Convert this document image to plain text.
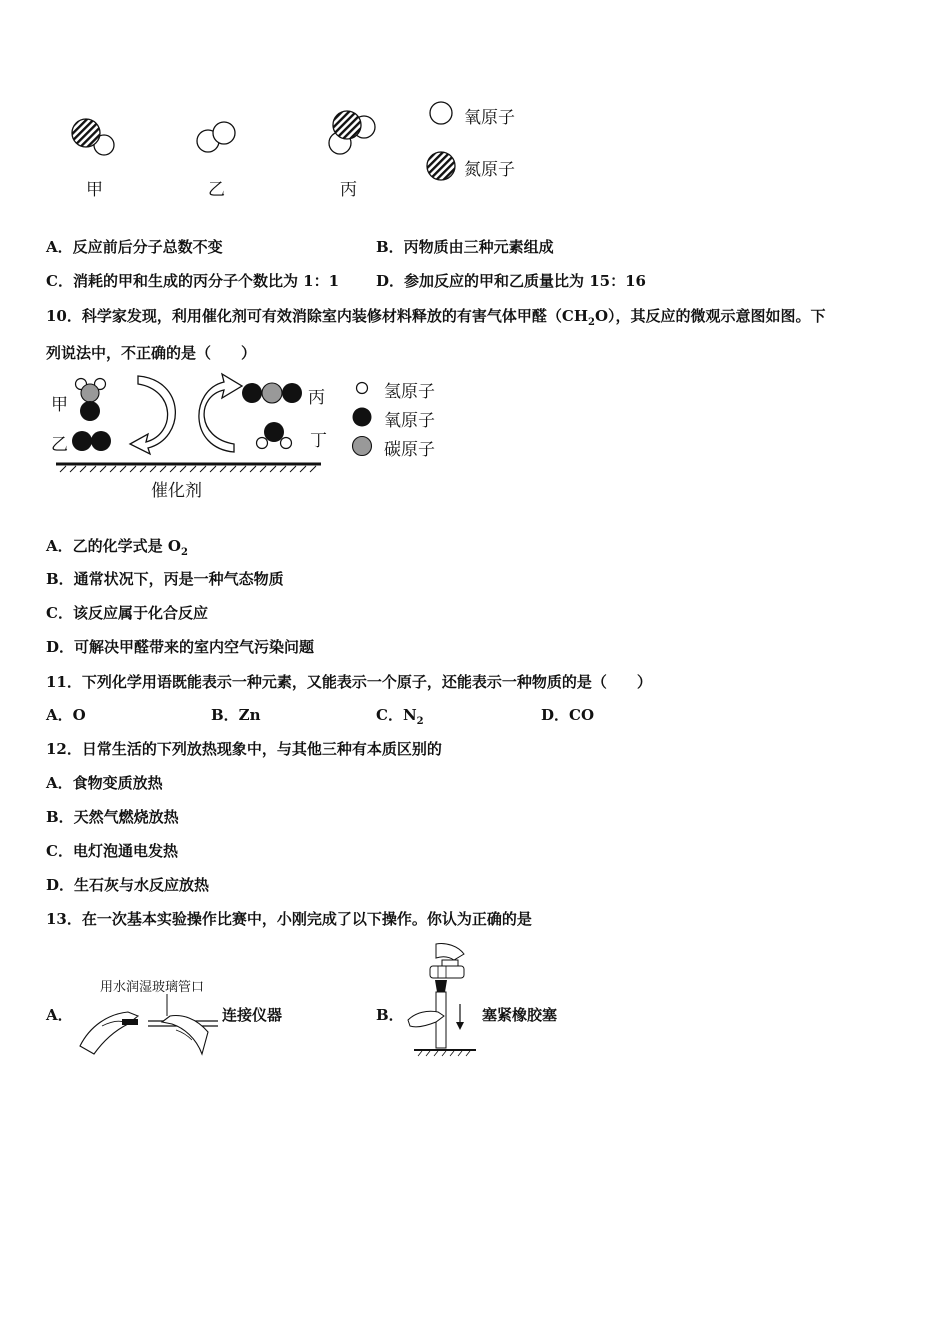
甲	乙	丙
氧原子
氮原子
A．反应前后分子总数不变	B．丙物质由三种元素组成
C．消耗的甲和生成的丙分子个数比为 1：1 D．参加反应的甲和乙质量比为 15：16
10．科学家发现，利用催化剂可有效消除室内装修材料释放的有害气体甲醛$(CH_2O)$，其反应的微观示意图如图。下
列说法中，不正确的是（　　）
甲
乙
丙
丁
催化剂
氢原子
氧原子
碳原子
A．乙的化学式是 $O_2$
B．通常状况下，丙是一种气态物质
C．该反应属于化合反应
D．可解决甲醛带来的室内空气污染问题
11．下列化学用语既能表示一种元素，又能表示一个原子，还能表示一种物质的是（　　）
A．O	B．Zn	C．$N_2$	D．CO
12．日常生活的下列放热现象中，与其他三种有本质区别的
A．食物变质放热
B．天然气燃烧放热
C．电灯泡通电发热
D．生石灰与水反应放热
13．在一次基本实验操作比赛中，小刚完成了以下操作。你认为正确的是
A．
用水润湿玻璃管口
连接仪器	B．	塞紧橡胶塞
